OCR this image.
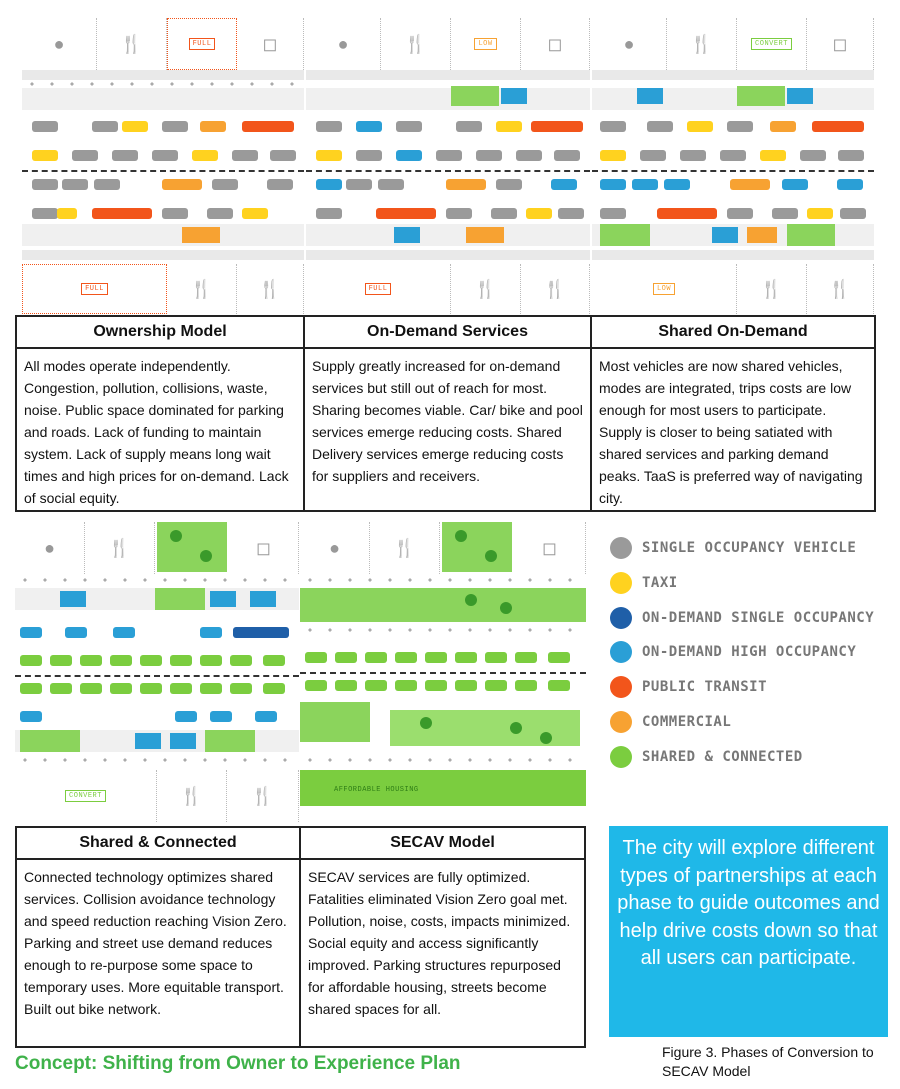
●	🍴	FULL	◻
FULL	🍴	🍴
●	🍴	LOW	◻
FULL	🍴	🍴
●	🍴	CONVERT ◻
LOW	🍴	🍴
Ownership Model
All modes operate independently. Congestion, pollution, collisions, waste, noise. Public space dominated for parking and roads. Lack of funding to maintain system. Lack of supply means long wait times and high prices for on-demand. Lack of social equity.
On-Demand Services
Supply greatly increased for on-demand services but still out of reach for most. Sharing becomes viable. Car/ bike and pool services emerge reducing costs. Shared Delivery services emerge reducing costs for suppliers and receivers.
Shared On-Demand
Most vehicles are now shared vehicles, modes are integrated, trips costs are low enough for most users to participate. Supply is closer to being satiated with shared services and parking demand peaks. TaaS is preferred way of navigating city.
●	🍴	◻
CONVERT	🍴	🍴
●	🍴	◻
AFFORDABLE HOUSING
SINGLE OCCUPANCY VEHICLE
TAXI
ON-DEMAND SINGLE OCCUPANCY
ON-DEMAND HIGH OCCUPANCY
PUBLIC TRANSIT
COMMERCIAL
SHARED & CONNECTED
Shared & Connected
Connected technology optimizes shared services. Collision avoidance technology and speed reduction reaching Vision Zero. Parking and street use demand reduces enough to re-purpose some space to temporary uses. More equitable transport. Built out bike network.
SECAV Model
SECAV services are fully optimized. Fatalities eliminated Vision Zero goal met. Pollution, noise, costs, impacts minimized. Social equity and access significantly improved. Parking structures repurposed for affordable housing, streets become shared spaces for all.
The city will explore different types of partnerships at each phase to guide outcomes and help drive costs down so that all users can participate.
Concept: Shifting from Owner to Experience Plan
Figure 3. Phases of Conversion to SECAV Model
